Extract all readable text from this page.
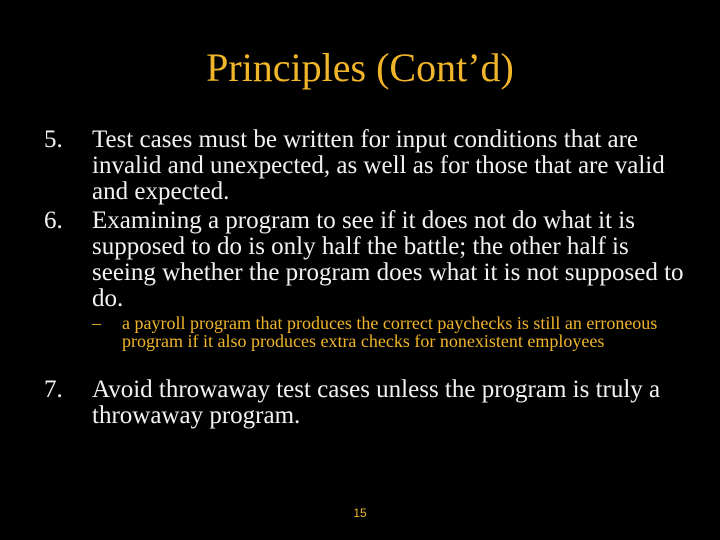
Principles (Cont’d)
5.	Test cases must be written for input conditions that are invalid and unexpected, as well as for those that are valid and expected.
6.	Examining a program to see if it does not do what it is supposed to do is only half the battle; the other half is seeing whether the program does what it is not supposed to do.
–	a payroll program that produces the correct paychecks is still an erroneous program if it also produces extra checks for nonexistent employees
7.	Avoid throwaway test cases unless the program is truly a throwaway program.
15
